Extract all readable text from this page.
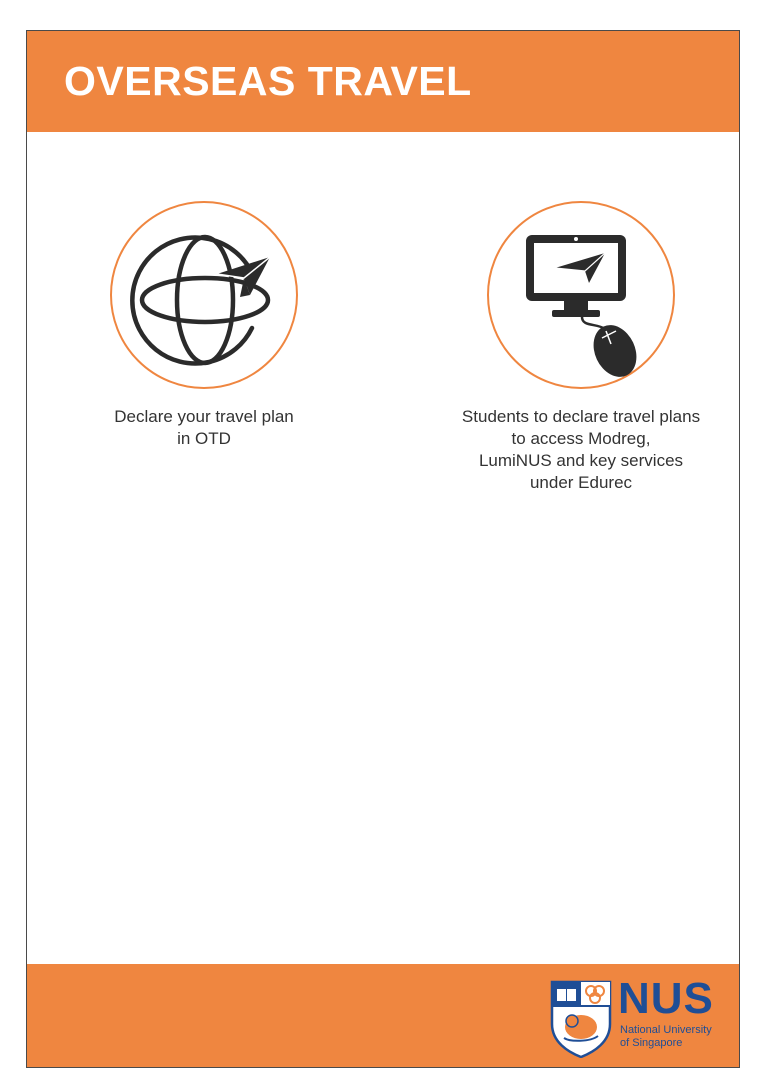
OVERSEAS TRAVEL
Declare your travel plan
in OTD
Students to declare travel plans
to access Modreg,
LumiNUS and key services
under Edurec
NUS
National University
of Singapore
